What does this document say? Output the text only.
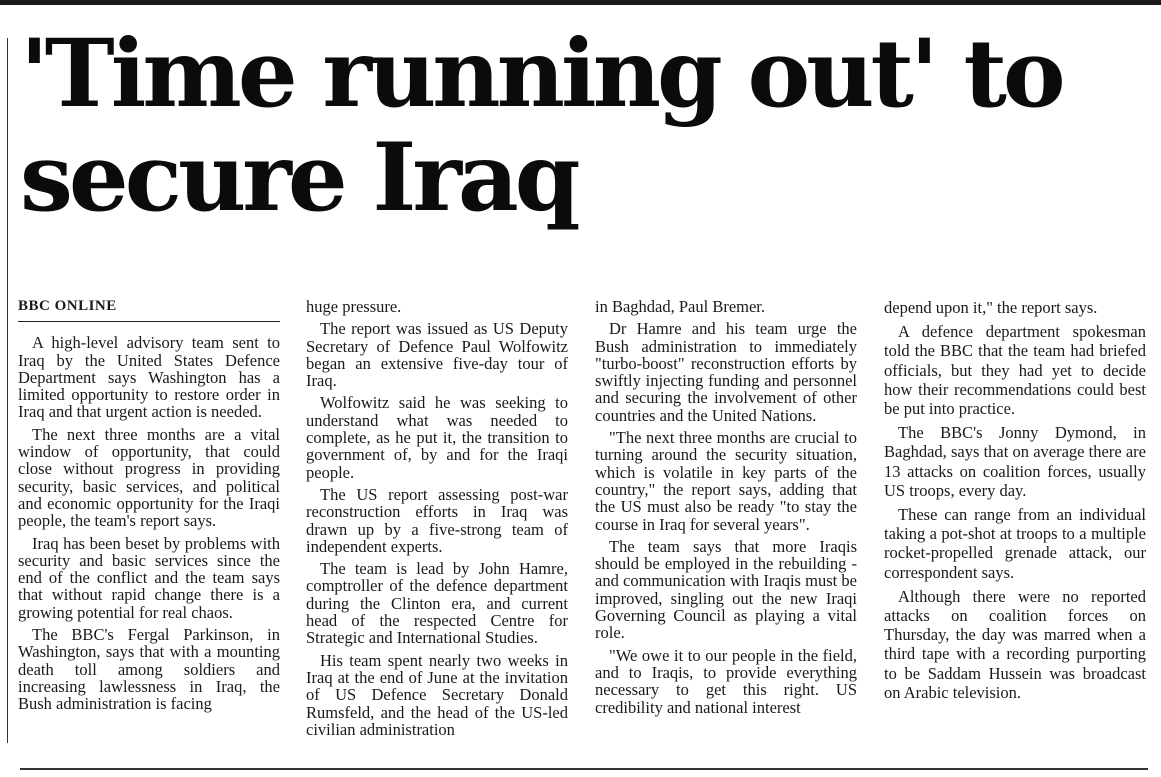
'Time running out' to
secure Iraq
BBC ONLINE

A high-level advisory team sent to Iraq by the United States Defence Department says Washington has a limited opportunity to restore order in Iraq and that urgent action is needed.

The next three months are a vital window of opportunity, that could close without progress in providing security, basic services, and political and economic opportunity for the Iraqi people, the team's report says.

Iraq has been beset by problems with security and basic services since the end of the conflict and the team says that without rapid change there is a growing potential for real chaos.

The BBC's Fergal Parkinson, in Washington, says that with a mounting death toll among soldiers and increasing lawlessness in Iraq, the Bush administration is facing

huge pressure.

The report was issued as US Deputy Secretary of Defence Paul Wolfowitz began an extensive five-day tour of Iraq.

Wolfowitz said he was seeking to understand what was needed to complete, as he put it, the transition to government of, by and for the Iraqi people.

The US report assessing post-war reconstruction efforts in Iraq was drawn up by a five-strong team of independent experts.

The team is lead by John Hamre, comptroller of the defence department during the Clinton era, and current head of the respected Centre for Strategic and International Studies.

His team spent nearly two weeks in Iraq at the end of June at the invitation of US Defence Secretary Donald Rumsfeld, and the head of the US-led civilian administration

in Baghdad, Paul Bremer.

Dr Hamre and his team urge the Bush administration to immediately "turbo-boost" reconstruction efforts by swiftly injecting funding and personnel and securing the involvement of other countries and the United Nations.

"The next three months are crucial to turning around the security situation, which is volatile in key parts of the country," the report says, adding that the US must also be ready "to stay the course in Iraq for several years".

The team says that more Iraqis should be employed in the rebuilding - and communication with Iraqis must be improved, singling out the new Iraqi Governing Council as playing a vital role.

"We owe it to our people in the field, and to Iraqis, to provide everything necessary to get this right. US credibility and national interest

depend upon it," the report says.

A defence department spokesman told the BBC that the team had briefed officials, but they had yet to decide how their recommendations could best be put into practice.

The BBC's Jonny Dymond, in Baghdad, says that on average there are 13 attacks on coalition forces, usually US troops, every day.

These can range from an individual taking a pot-shot at troops to a multiple rocket-propelled grenade attack, our correspondent says.

Although there were no reported attacks on coalition forces on Thursday, the day was marred when a third tape with a recording purporting to be Saddam Hussein was broadcast on Arabic television.
